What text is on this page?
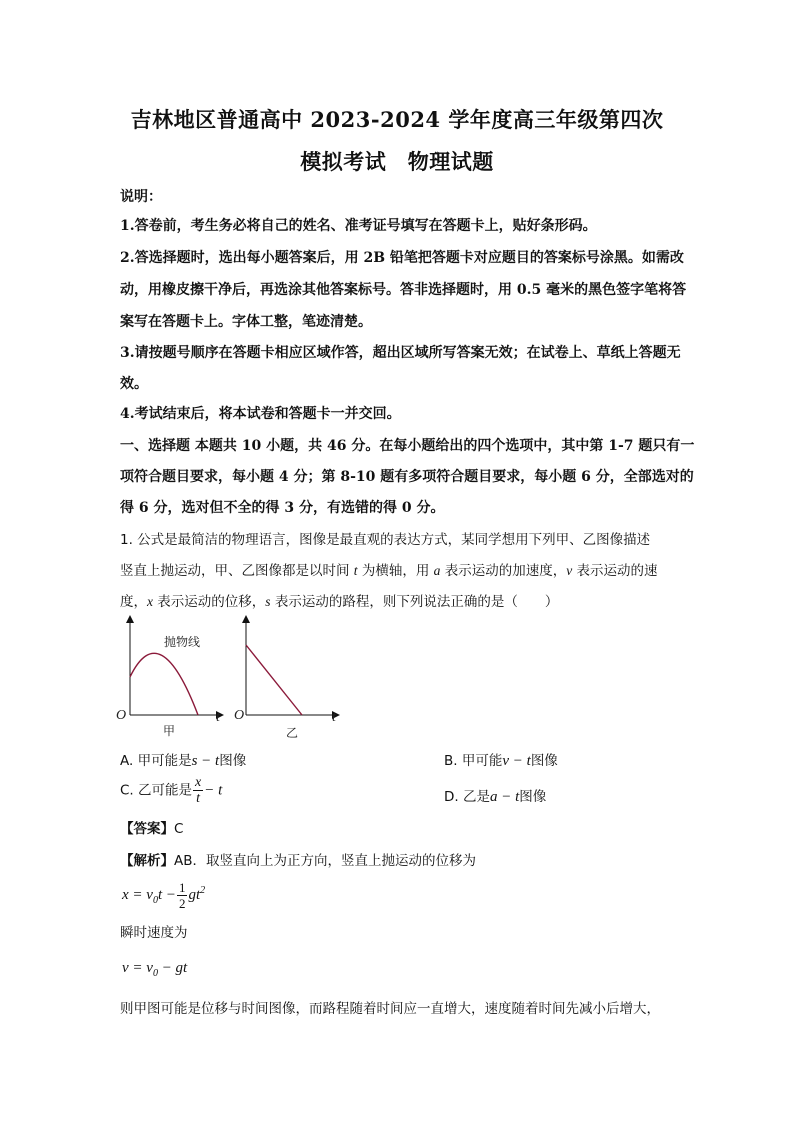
吉林地区普通高中 2023-2024 学年度高三年级第四次
模拟考试　物理试题
说明：
1.答卷前，考生务必将自己的姓名、准考证号填写在答题卡上，贴好条形码。
2.答选择题时，选出每小题答案后，用 2B 铅笔把答题卡对应题目的答案标号涂黑。如需改
动，用橡皮擦干净后，再选涂其他答案标号。答非选择题时，用 0.5 毫米的黑色签字笔将答
案写在答题卡上。字体工整，笔迹清楚。
3.请按题号顺序在答题卡相应区域作答，超出区域所写答案无效；在试卷上、草纸上答题无
效。
4.考试结束后，将本试卷和答题卡一并交回。
一、选择题 本题共 10 小题，共 46 分。在每小题给出的四个选项中，其中第 1-7 题只有一
项符合题目要求，每小题 4 分；第 8-10 题有多项符合题目要求，每小题 6 分，全部选对的
得 6 分，选对但不全的得 3 分，有选错的得 0 分。
1. 公式是最简洁的物理语言，图像是最直观的表达方式，某同学想用下列甲、乙图像描述
竖直上抛运动，甲、乙图像都是以时间 t 为横轴，用 a 表示运动的加速度，v 表示运动的速
度，x 表示运动的位移，s 表示运动的路程，则下列说法正确的是（　　）
抛物线
O	t
甲
O	t
乙
A. 甲可能是s − t图像	B. 甲可能v − t图像
C. 乙可能是 $\frac{x}{t} - t$	D. 乙是a − t图像
【答案】C
【解析】AB．取竖直向上为正方向，竖直上抛运动的位移为
$x = v_0t - \frac{1}{2} gt^2$
瞬时速度为
$v = v_0$ − gt
则甲图可能是位移与时间图像，而路程随着时间应一直增大，速度随着时间先减小后增大，
